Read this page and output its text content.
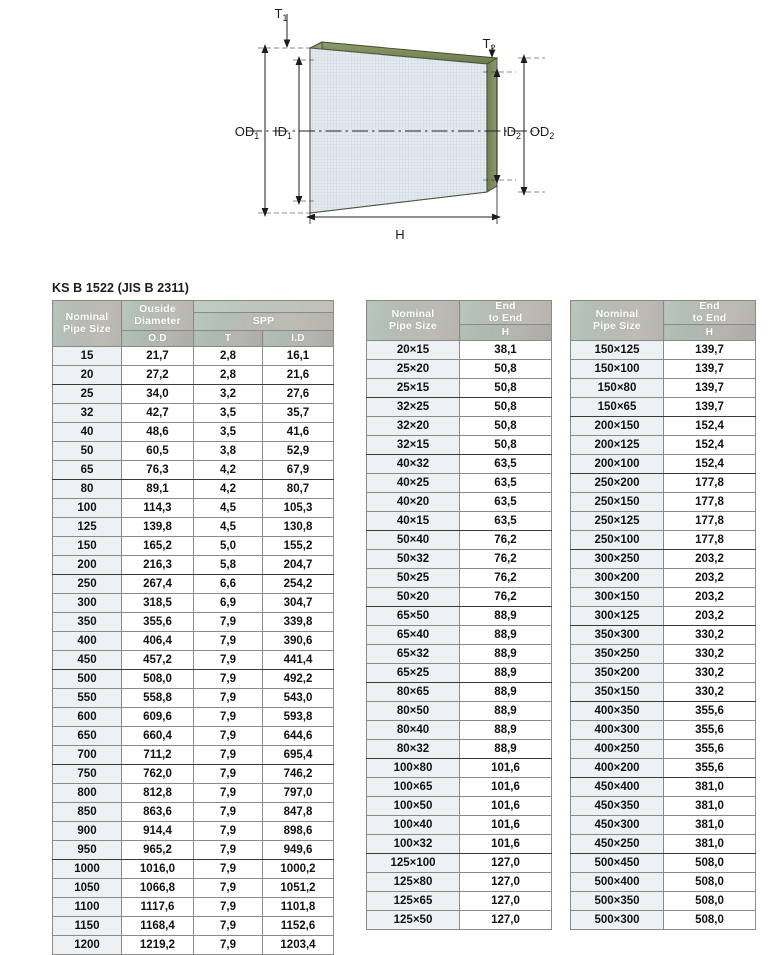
$T_1$
$T_2$
$OD_1$ $ID_1$	$ID_2$ $OD_2$
H
KS B 1522 (JIS B 2311)
Nominal
Pipe Size	Ouside
Diameter		
		SPP	
	O.D	T	I.D
15	21,7	2,8	16,1
20	27,2	2,8	21,6
25	34,0	3,2	27,6
32	42,7	3,5	35,7
40	48,6	3,5	41,6
50	60,5	3,8	52,9
65	76,3	4,2	67,9
80	89,1	4,2	80,7
100	114,3	4,5	105,3
125	139,8	4,5	130,8
150	165,2	5,0	155,2
200	216,3	5,8	204,7
250	267,4	6,6	254,2
300	318,5	6,9	304,7
350	355,6	7,9	339,8
400	406,4	7,9	390,6
450	457,2	7,9	441,4
500	508,0	7,9	492,2
550	558,8	7,9	543,0
600	609,6	7,9	593,8
650	660,4	7,9	644,6
700	711,2	7,9	695,4
750	762,0	7,9	746,2
800	812,8	7,9	797,0
850	863,6	7,9	847,8
900	914,4	7,9	898,6
950	965,2	7,9	949,6
1000	1016,0	7,9	1000,2
1050	1066,8	7,9	1051,2
1100	1117,6	7,9	1101,8
1150	1168,4	7,9	1152,6
1200	1219,2	7,9	1203,4
Nominal
Pipe Size	End
to End
	H
20×15	38,1
25×20	50,8
25×15	50,8
32×25	50,8
32×20	50,8
32×15	50,8
40×32	63,5
40×25	63,5
40×20	63,5
40×15	63,5
50×40	76,2
50×32	76,2
50×25	76,2
50×20	76,2
65×50	88,9
65×40	88,9
65×32	88,9
65×25	88,9
80×65	88,9
80×50	88,9
80×40	88,9
80×32	88,9
100×80	101,6
100×65	101,6
100×50	101,6
100×40	101,6
100×32	101,6
125×100	127,0
125×80	127,0
125×65	127,0
125×50	127,0
Nominal
Pipe Size	End
to End
	H
150×125	139,7
150×100	139,7
150×80	139,7
150×65	139,7
200×150	152,4
200×125	152,4
200×100	152,4
250×200	177,8
250×150	177,8
250×125	177,8
250×100	177,8
300×250	203,2
300×200	203,2
300×150	203,2
300×125	203,2
350×300	330,2
350×250	330,2
350×200	330,2
350×150	330,2
400×350	355,6
400×300	355,6
400×250	355,6
400×200	355,6
450×400	381,0
450×350	381,0
450×300	381,0
450×250	381,0
500×450	508,0
500×400	508,0
500×350	508,0
500×300	508,0
